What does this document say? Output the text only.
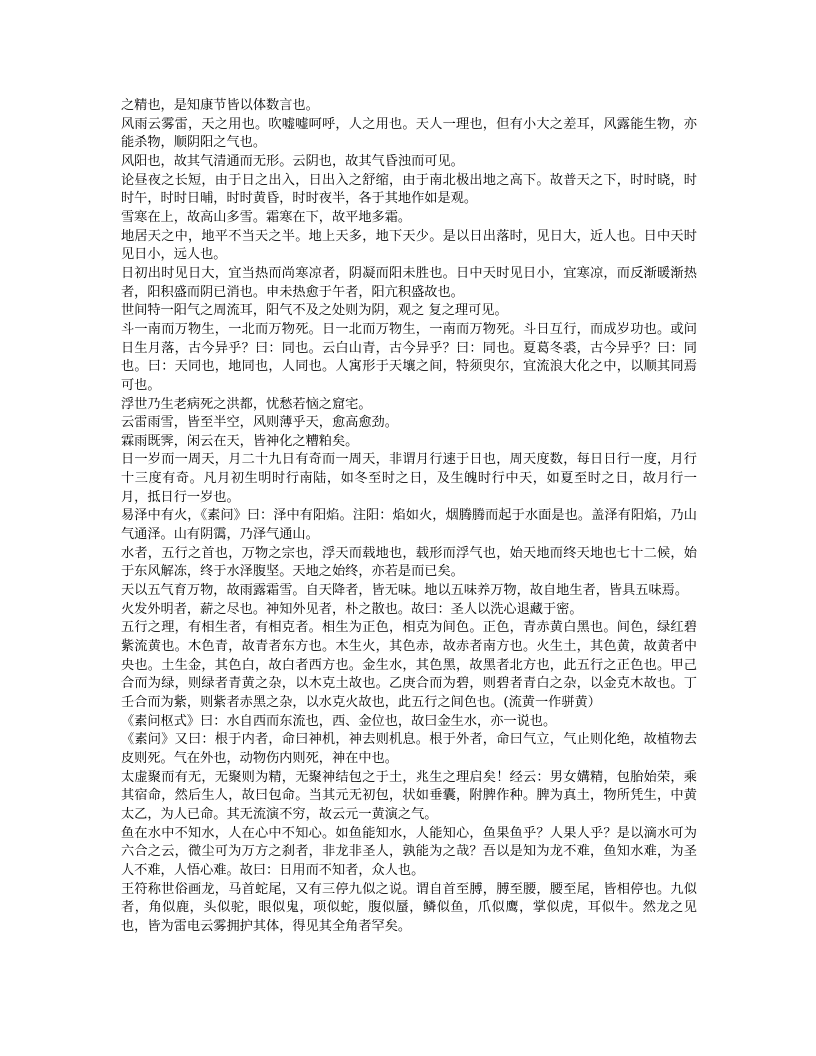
之精也，是知康节皆以体数言也。

风雨云雾雷，天之用也。吹嘘嘘呵呼，人之用也。天人一理也，但有小大之差耳，风露能生物，亦能杀物，顺阴阳之气也。

风阳也，故其气清通而无形。云阴也，故其气昏浊而可见。

论昼夜之长短，由于日之出入，日出入之舒缩，由于南北极出地之高下。故普天之下，时时晓，时时午，时时日晡，时时黄昏，时时夜半，各于其地作如是观。

雪寒在上，故高山多雪。霜寒在下，故平地多霜。

地居天之中，地平不当天之半。地上天多，地下天少。是以日出落时，见日大，近人也。日中天时见日小，远人也。

日初出时见日大，宜当热而尚寒凉者，阴凝而阳未胜也。日中天时见日小，宜寒凉，而反渐暖渐热者，阳积盛而阴已消也。申未热愈于午者，阳亢积盛故也。

世间特一阳气之周流耳，阳气不及之处则为阴，观之 复之理可见。

斗一南而万物生，一北而万物死。日一北而万物生，一南而万物死。斗日互行，而成岁功也。或问日生月落，古今异乎？曰：同也。云白山青，古今异乎？曰：同也。夏葛冬裘，古今异乎？曰：同也。曰：天同也，地同也，人同也。人寓形于天壤之间，特须臾尔，宜流浪大化之中，以顺其同焉可也。

浮世乃生老病死之洪都，忧愁若恼之窟宅。

云雷雨雪，皆至半空，风则薄乎天，愈高愈劲。

霖雨既霁，闲云在天，皆神化之糟粕矣。

日一岁而一周天，月二十九日有奇而一周天，非谓月行速于日也，周天度数，每日日行一度，月行十三度有奇。凡月初生明时行南陆，如冬至时之日，及生魄时行中天，如夏至时之日，故月行一月，抵日行一岁也。

易泽中有火，《素问》曰：泽中有阳焰。注阳：焰如火，烟腾腾而起于水面是也。盖泽有阳焰，乃山气通泽。山有阴霭，乃泽气通山。

水者，五行之首也，万物之宗也，浮天而载地也，载形而浮气也，始天地而终天地也七十二候，始于东风解冻，终于水泽腹坚。天地之始终，亦若是而已矣。

天以五气育万物，故雨露霜雪。自天降者，皆无味。地以五味养万物，故自地生者，皆具五味焉。

火发外明者，薪之尽也。神知外见者，朴之散也。故曰：圣人以洗心退藏于密。

五行之理，有相生者，有相克者。相生为正色，相克为间色。正色，青赤黄白黑也。间色，绿红碧紫流黄也。木色青，故青者东方也。木生火，其色赤，故赤者南方也。火生土，其色黄，故黄者中央也。土生金，其色白，故白者西方也。金生水，其色黑，故黑者北方也，此五行之正色也。甲己合而为绿，则绿者青黄之杂，以木克土故也。乙庚合而为碧，则碧者青白之杂，以金克木故也。丁壬合而为紫，则紫者赤黑之杂，以水克火故也，此五行之间色也。(流黄一作骈黄）

《素问枢式》曰：水自西而东流也，西、金位也，故曰金生水，亦一说也。

《素问》又曰：根于内者，命曰神机，神去则机息。根于外者，命曰气立，气止则化绝，故植物去皮则死。气在外也，动物伤内则死，神在中也。

太虚聚而有无，无聚则为精，无聚神结包之于土，兆生之理启矣！经云：男女媾精，包胎始荣，乘其宿命，然后生人，故曰包命。当其元无初包，状如垂囊，附脾作种。脾为真土，物所凭生，中黄太乙，为人已命。其无流演不穷，故云元一黄演之气。

鱼在水中不知水，人在心中不知心。如鱼能知水，人能知心，鱼果鱼乎？人果人乎？是以滴水可为六合之云，微尘可为万方之刹者，非龙非圣人，孰能为之哉？吾以是知为龙不难，鱼知水难，为圣人不难，人悟心难。故曰：日用而不知者，众人也。

王符称世俗画龙，马首蛇尾，又有三停九似之说。谓自首至膊，膊至腰，腰至尾，皆相停也。九似者，角似鹿，头似驼，眼似鬼，项似蛇，腹似蜃，鳞似鱼，爪似鹰，掌似虎，耳似牛。然龙之见也，皆为雷电云雾拥护其体，得见其全角者罕矣。
